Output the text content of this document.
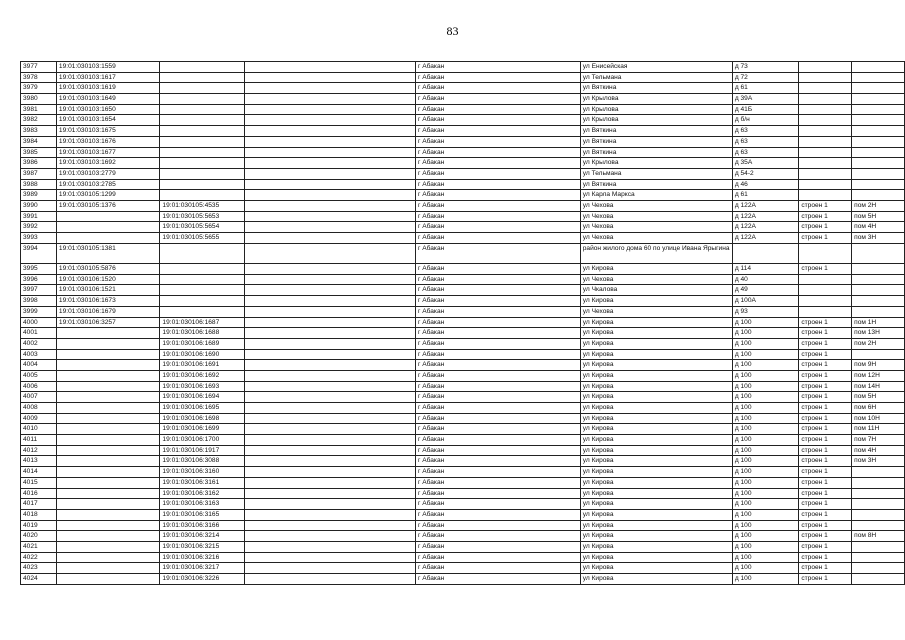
83
3977	19:01:030103:1559			г Абакан	ул Енисейская	д 73		
3978	19:01:030103:1617			г Абакан	ул Тельмана	д 72		
3979	19:01:030103:1619			г Абакан	ул Вяткина	д 61		
3980	19:01:030103:1649			г Абакан	ул Крылова	д 39А		
3981	19:01:030103:1650			г Абакан	ул Крылова	д 41Б		
3982	19:01:030103:1654			г Абакан	ул Крылова	д б/н		
3983	19:01:030103:1675			г Абакан	ул Вяткина	д 63		
3984	19:01:030103:1676			г Абакан	ул Вяткина	д 63		
3985	19:01:030103:1677			г Абакан	ул Вяткина	д 63		
3986	19:01:030103:1692			г Абакан	ул Крылова	д 35А		
3987	19:01:030103:2779			г Абакан	ул Тельмана	д 54-2		
3988	19:01:030103:2785			г Абакан	ул Вяткина	д 46		
3989	19:01:030105:1299			г Абакан	ул Карла Маркса	д 61		
3990	19:01:030105:1376	19:01:030105:4535		г Абакан	ул Чехова	д 122А	строен 1	пом 2Н
3991		19:01:030105:5653		г Абакан	ул Чехова	д 122А	строен 1	пом 5Н
3992		19:01:030105:5654		г Абакан	ул Чехова	д 122А	строен 1	пом 4Н
3993		19:01:030105:5655		г Абакан	ул Чехова	д 122А	строен 1	пом 3Н
3994	19:01:030105:1381			г Абакан	район жилого дома 60 по улице Ивана Ярыгина			
3995	19:01:030105:5876			г Абакан	ул Кирова	д 114	строен 1	
3996	19:01:030106:1520			г Абакан	ул Чехова	д 40		
3997	19:01:030106:1521			г Абакан	ул Чкалова	д 49		
3998	19:01:030106:1673			г Абакан	ул Кирова	д 100А		
3999	19:01:030106:1679			г Абакан	ул Чехова	д 93		
4000	19:01:030106:3257	19:01:030106:1687		г Абакан	ул Кирова	д 100	строен 1	пом 1Н
4001		19:01:030106:1688		г Абакан	ул Кирова	д 100	строен 1	пом 13Н
4002		19:01:030106:1689		г Абакан	ул Кирова	д 100	строен 1	пом 2Н
4003		19:01:030106:1690		г Абакан	ул Кирова	д 100	строен 1	
4004		19:01:030106:1691		г Абакан	ул Кирова	д 100	строен 1	пом 9Н
4005		19:01:030106:1692		г Абакан	ул Кирова	д 100	строен 1	пом 12Н
4006		19:01:030106:1693		г Абакан	ул Кирова	д 100	строен 1	пом 14Н
4007		19:01:030106:1694		г Абакан	ул Кирова	д 100	строен 1	пом 5Н
4008		19:01:030106:1695		г Абакан	ул Кирова	д 100	строен 1	пом 6Н
4009		19:01:030106:1698		г Абакан	ул Кирова	д 100	строен 1	пом 10Н
4010		19:01:030106:1699		г Абакан	ул Кирова	д 100	строен 1	пом 11Н
4011		19:01:030106:1700		г Абакан	ул Кирова	д 100	строен 1	пом 7Н
4012		19:01:030106:1917		г Абакан	ул Кирова	д 100	строен 1	пом 4Н
4013		19:01:030106:3088		г Абакан	ул Кирова	д 100	строен 1	пом 3Н
4014		19:01:030106:3160		г Абакан	ул Кирова	д 100	строен 1	
4015		19:01:030106:3161		г Абакан	ул Кирова	д 100	строен 1	
4016		19:01:030106:3162		г Абакан	ул Кирова	д 100	строен 1	
4017		19:01:030106:3163		г Абакан	ул Кирова	д 100	строен 1	
4018		19:01:030106:3165		г Абакан	ул Кирова	д 100	строен 1	
4019		19:01:030106:3166		г Абакан	ул Кирова	д 100	строен 1	
4020		19:01:030106:3214		г Абакан	ул Кирова	д 100	строен 1	пом 8Н
4021		19:01:030106:3215		г Абакан	ул Кирова	д 100	строен 1	
4022		19:01:030106:3216		г Абакан	ул Кирова	д 100	строен 1	
4023		19:01:030106:3217		г Абакан	ул Кирова	д 100	строен 1	
4024		19:01:030106:3226		г Абакан	ул Кирова	д 100	строен 1	
